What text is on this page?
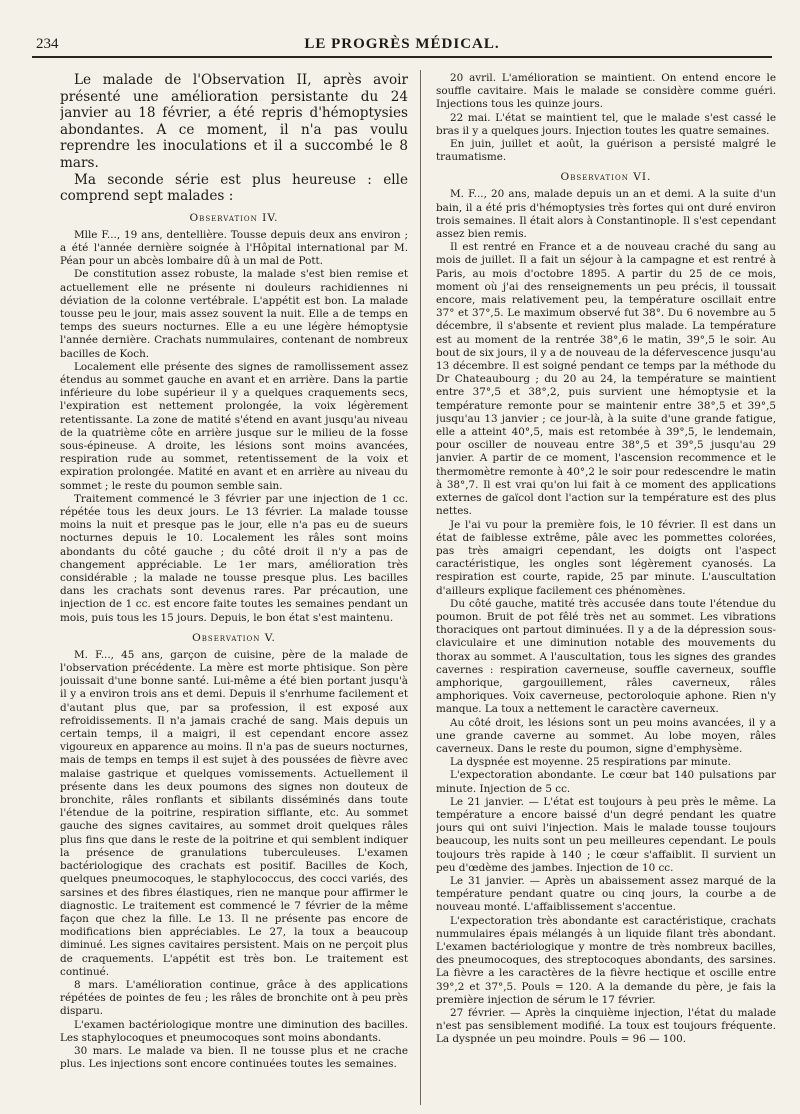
234	LE PROGRÈS MÉDICAL.

Le malade de l'Observation II, après avoir présenté une amélioration persistante du 24 janvier au 18 février, a été repris d'hémoptysies abondantes. A ce moment, il n'a pas voulu reprendre les inoculations et il a succombé le 8 mars.

Ma seconde série est plus heureuse : elle comprend sept malades :

Observation IV.

Mlle F..., 19 ans, dentellière. Tousse depuis deux ans environ ; a été l'année dernière soignée à l'Hôpital international par M. Péan pour un abcès lombaire dû à un mal de Pott.

De constitution assez robuste, la malade s'est bien remise et actuellement elle ne présente ni douleurs rachidiennes ni déviation de la colonne vertébrale. L'appétit est bon. La malade tousse peu le jour, mais assez souvent la nuit. Elle a de temps en temps des sueurs nocturnes. Elle a eu une légère hémoptysie l'année dernière. Crachats nummulaires, contenant de nombreux bacilles de Koch.

Localement elle présente des signes de ramollissement assez étendus au sommet gauche en avant et en arrière. Dans la partie inférieure du lobe supérieur il y a quelques craquements secs, l'expiration est nettement prolongée, la voix légèrement retentissante. La zone de matité s'étend en avant jusqu'au niveau de la quatrième côte en arrière jusque sur le milieu de la fosse sous-épineuse. A droite, les lésions sont moins avancées, respiration rude au sommet, retentissement de la voix et expiration prolongée. Matité en avant et en arrière au niveau du sommet ; le reste du poumon semble sain.

Traitement commencé le 3 février par une injection de 1 cc. répétée tous les deux jours. Le 13 février. La malade tousse moins la nuit et presque pas le jour, elle n'a pas eu de sueurs nocturnes depuis le 10. Localement les râles sont moins abondants du côté gauche ; du côté droit il n'y a pas de changement appréciable. Le 1er mars, amélioration très considérable ; la malade ne tousse presque plus. Les bacilles dans les crachats sont devenus rares. Par précaution, une injection de 1 cc. est encore faite toutes les semaines pendant un mois, puis tous les 15 jours. Depuis, le bon état s'est maintenu.

Observation V.

M. F..., 45 ans, garçon de cuisine, père de la malade de l'observation précédente. La mère est morte phtisique. Son père jouissait d'une bonne santé. Lui-même a été bien portant jusqu'à il y a environ trois ans et demi. Depuis il s'enrhume facilement et d'autant plus que, par sa profession, il est exposé aux refroidissements. Il n'a jamais craché de sang. Mais depuis un certain temps, il a maigri, il est cependant encore assez vigoureux en apparence au moins. Il n'a pas de sueurs nocturnes, mais de temps en temps il est sujet à des poussées de fièvre avec malaise gastrique et quelques vomissements. Actuellement il présente dans les deux poumons des signes non douteux de bronchite, râles ronflants et sibilants disséminés dans toute l'étendue de la poitrine, respiration sifflante, etc. Au sommet gauche des signes cavitaires, au sommet droit quelques râles plus fins que dans le reste de la poitrine et qui semblent indiquer la présence de granulations tuberculeuses. L'examen bactériologique des crachats est positif. Bacilles de Koch, quelques pneumocoques, le staphylococcus, des cocci variés, des sarsines et des fibres élastiques, rien ne manque pour affirmer le diagnostic. Le traitement est commencé le 7 février de la même façon que chez la fille. Le 13. Il ne présente pas encore de modifications bien appréciables. Le 27, la toux a beaucoup diminué. Les signes cavitaires persistent. Mais on ne perçoit plus de craquements. L'appétit est très bon. Le traitement est continué.

8 mars. L'amélioration continue, grâce à des applications répétées de pointes de feu ; les râles de bronchite ont à peu près disparu.

L'examen bactériologique montre une diminution des bacilles. Les staphylocoques et pneumocoques sont moins abondants.

30 mars. Le malade va bien. Il ne tousse plus et ne crache plus. Les injections sont encore continuées toutes les semaines.

20 avril. L'amélioration se maintient. On entend encore le souffle cavitaire. Mais le malade se considère comme guéri. Injections tous les quinze jours.

22 mai. L'état se maintient tel, que le malade s'est cassé le bras il y a quelques jours. Injection toutes les quatre semaines.

En juin, juillet et août, la guérison a persisté malgré le traumatisme.

Observation VI.

M. F..., 20 ans, malade depuis un an et demi. A la suite d'un bain, il a été pris d'hémoptysies très fortes qui ont duré environ trois semaines. Il était alors à Constantinople. Il s'est cependant assez bien remis.

Il est rentré en France et a de nouveau craché du sang au mois de juillet. Il a fait un séjour à la campagne et est rentré à Paris, au mois d'octobre 1895. A partir du 25 de ce mois, moment où j'ai des renseignements un peu précis, il toussait encore, mais relativement peu, la température oscillait entre 37° et 37°,5. Le maximum observé fut 38°. Du 6 novembre au 5 décembre, il s'absente et revient plus malade. La température est au moment de la rentrée 38°,6 le matin, 39°,5 le soir. Au bout de six jours, il y a de nouveau de la défervescence jusqu'au 13 décembre. Il est soigné pendant ce temps par la méthode du Dr Chateaubourg ; du 20 au 24, la température se maintient entre 37°,5 et 38°,2, puis survient une hémoptysie et la température remonte pour se maintenir entre 38°,5 et 39°,5 jusqu'au 13 janvier ; ce jour-là, à la suite d'une grande fatigue, elle a atteint 40°,5, mais est retombée à 39°,5, le lendemain, pour osciller de nouveau entre 38°,5 et 39°,5 jusqu'au 29 janvier. A partir de ce moment, l'ascension recommence et le thermomètre remonte à 40°,2 le soir pour redescendre le matin à 38°,7. Il est vrai qu'on lui fait à ce moment des applications externes de gaïcol dont l'action sur la température est des plus nettes.

Je l'ai vu pour la première fois, le 10 février. Il est dans un état de faiblesse extrême, pâle avec les pommettes colorées, pas très amaigri cependant, les doigts ont l'aspect caractéristique, les ongles sont légèrement cyanosés. La respiration est courte, rapide, 25 par minute. L'auscultation d'ailleurs explique facilement ces phénomènes.

Du côté gauche, matité très accusée dans toute l'étendue du poumon. Bruit de pot fêlé très net au sommet. Les vibrations thoraciques ont partout diminuées. Il y a de la dépression sous-claviculaire et une diminution notable des mouvements du thorax au sommet. A l'auscultation, tous les signes des grandes cavernes : respiration caverneuse, souffle caverneux, souffle amphorique, gargouillement, râles caverneux, râles amphoriques. Voix caverneuse, pectoroloquie aphone. Rien n'y manque. La toux a nettement le caractère caverneux.

Au côté droit, les lésions sont un peu moins avancées, il y a une grande caverne au sommet. Au lobe moyen, râles caverneux. Dans le reste du poumon, signe d'emphysème.

La dyspnée est moyenne. 25 respirations par minute.

L'expectoration abondante. Le cœur bat 140 pulsations par minute. Injection de 5 cc.

Le 21 janvier. — L'état est toujours à peu près le même. La température a encore baissé d'un degré pendant les quatre jours qui ont suivi l'injection. Mais le malade tousse toujours beaucoup, les nuits sont un peu meilleures cependant. Le pouls toujours très rapide à 140 ; le cœur s'affaiblit. Il survient un peu d'œdème des jambes. Injection de 10 cc.

Le 31 janvier. — Après un abaissement assez marqué de la température pendant quatre ou cinq jours, la courbe a de nouveau monté. L'affaiblissement s'accentue.

L'expectoration très abondante est caractéristique, crachats nummulaires épais mélangés à un liquide filant très abondant. L'examen bactériologique y montre de très nombreux bacilles, des pneumocoques, des streptocoques abondants, des sarsines. La fièvre a les caractères de la fièvre hectique et oscille entre 39°,2 et 37°,5. Pouls = 120. A la demande du père, je fais la première injection de sérum le 17 février.

27 février. — Après la cinquième injection, l'état du malade n'est pas sensiblement modifié. La toux est toujours fréquente. La dyspnée un peu moindre. Pouls = 96 — 100.
